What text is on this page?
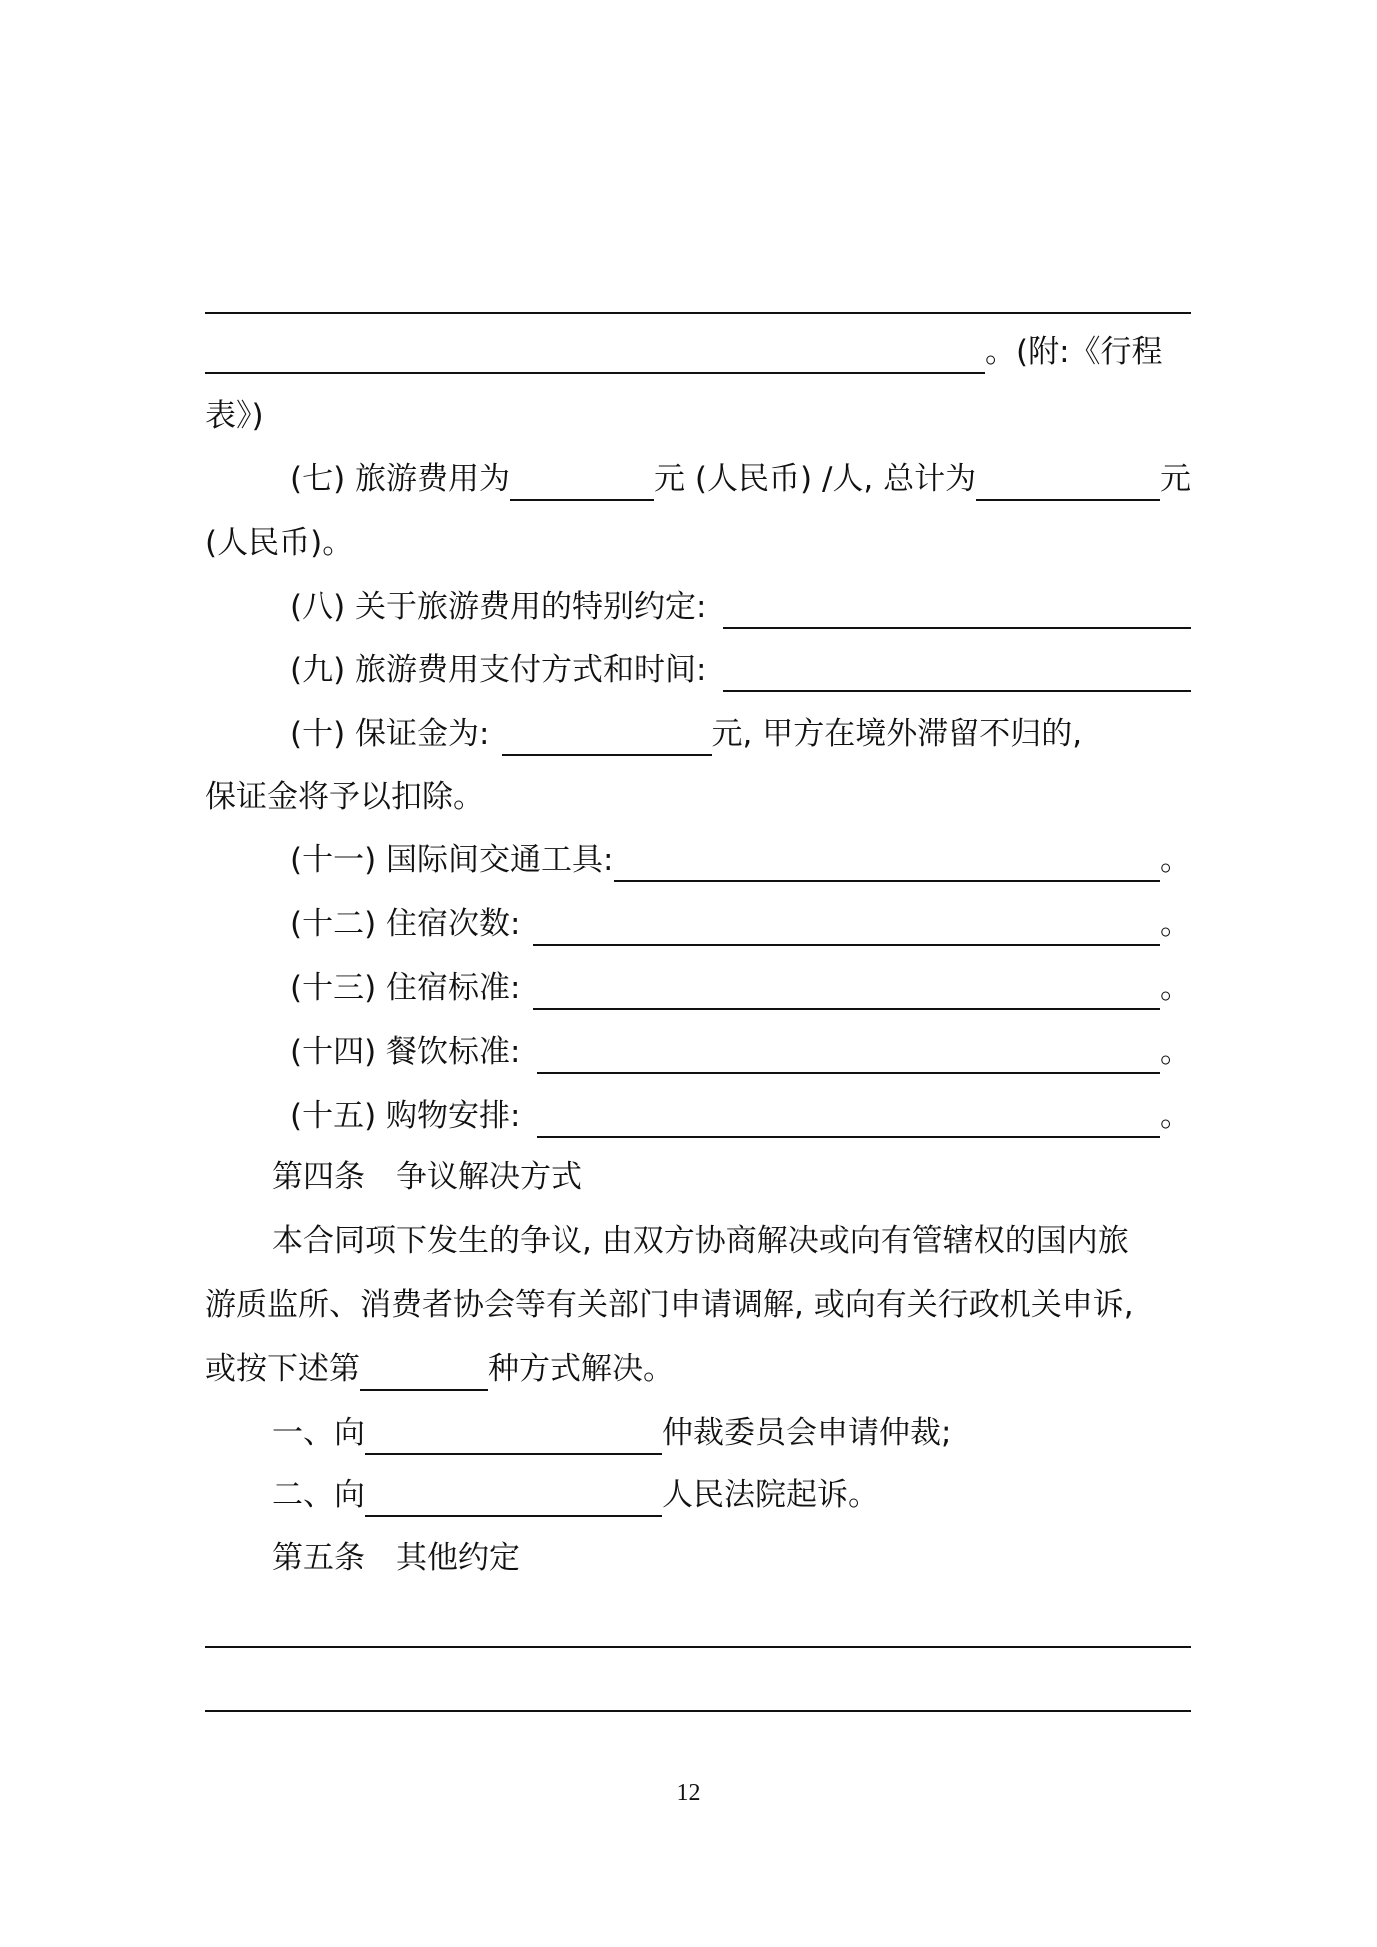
。(附:《行程
表》)
(七) 旅游费用为	元 (人民币) /人, 总计为	元
(人民币)。
(八) 关于旅游费用的特别约定:
(九) 旅游费用支付方式和时间:
(十) 保证金为:	元, 甲方在境外滞留不归的,
保证金将予以扣除。
(十一) 国际间交通工具:	。
(十二) 住宿次数:	。
(十三) 住宿标准:	。
(十四) 餐饮标准:	。
(十五) 购物安排:	。
第四条　争议解决方式
本合同项下发生的争议, 由双方协商解决或向有管辖权的国内旅
游质监所、消费者协会等有关部门申请调解, 或向有关行政机关申诉,
或按下述第	种方式解决。
一、向	仲裁委员会申请仲裁;
二、向	人民法院起诉。
第五条　其他约定
12
